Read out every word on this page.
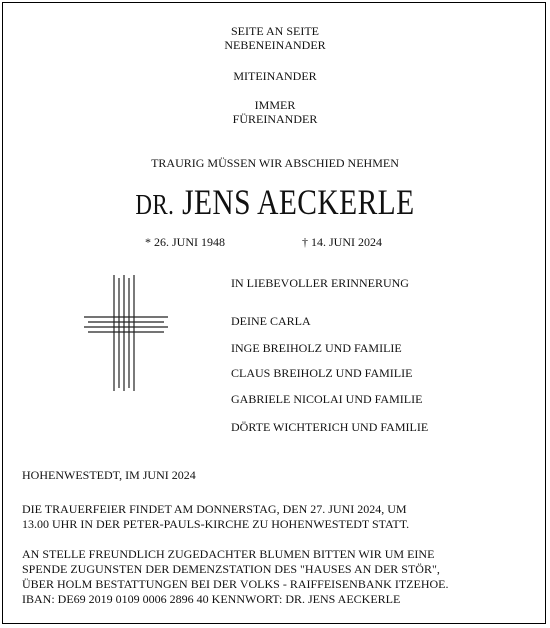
SEITE AN SEITE
NEBENEINANDER
MITEINANDER
IMMER
FÜREINANDER
TRAURIG MÜSSEN WIR ABSCHIED NEHMEN
DR. JENS AECKERLE
* 26. JUNI 1948	† 14. JUNI 2024
IN LIEBEVOLLER ERINNERUNG
DEINE CARLA
INGE BREIHOLZ UND FAMILIE
CLAUS BREIHOLZ UND FAMILIE
GABRIELE NICOLAI UND FAMILIE
DÖRTE WICHTERICH UND FAMILIE
HOHENWESTEDT, IM JUNI 2024
DIE TRAUERFEIER FINDET AM DONNERSTAG, DEN 27. JUNI 2024, UM
13.00 UHR IN DER PETER-PAULS-KIRCHE ZU HOHENWESTEDT STATT.
AN STELLE FREUNDLICH ZUGEDACHTER BLUMEN BITTEN WIR UM EINE
SPENDE ZUGUNSTEN DER DEMENZSTATION DES "HAUSES AN DER STÖR",
ÜBER HOLM BESTATTUNGEN BEI DER VOLKS - RAIFFEISENBANK ITZEHOE.
IBAN: DE69 2019 0109 0006 2896 40 KENNWORT: DR. JENS AECKERLE
